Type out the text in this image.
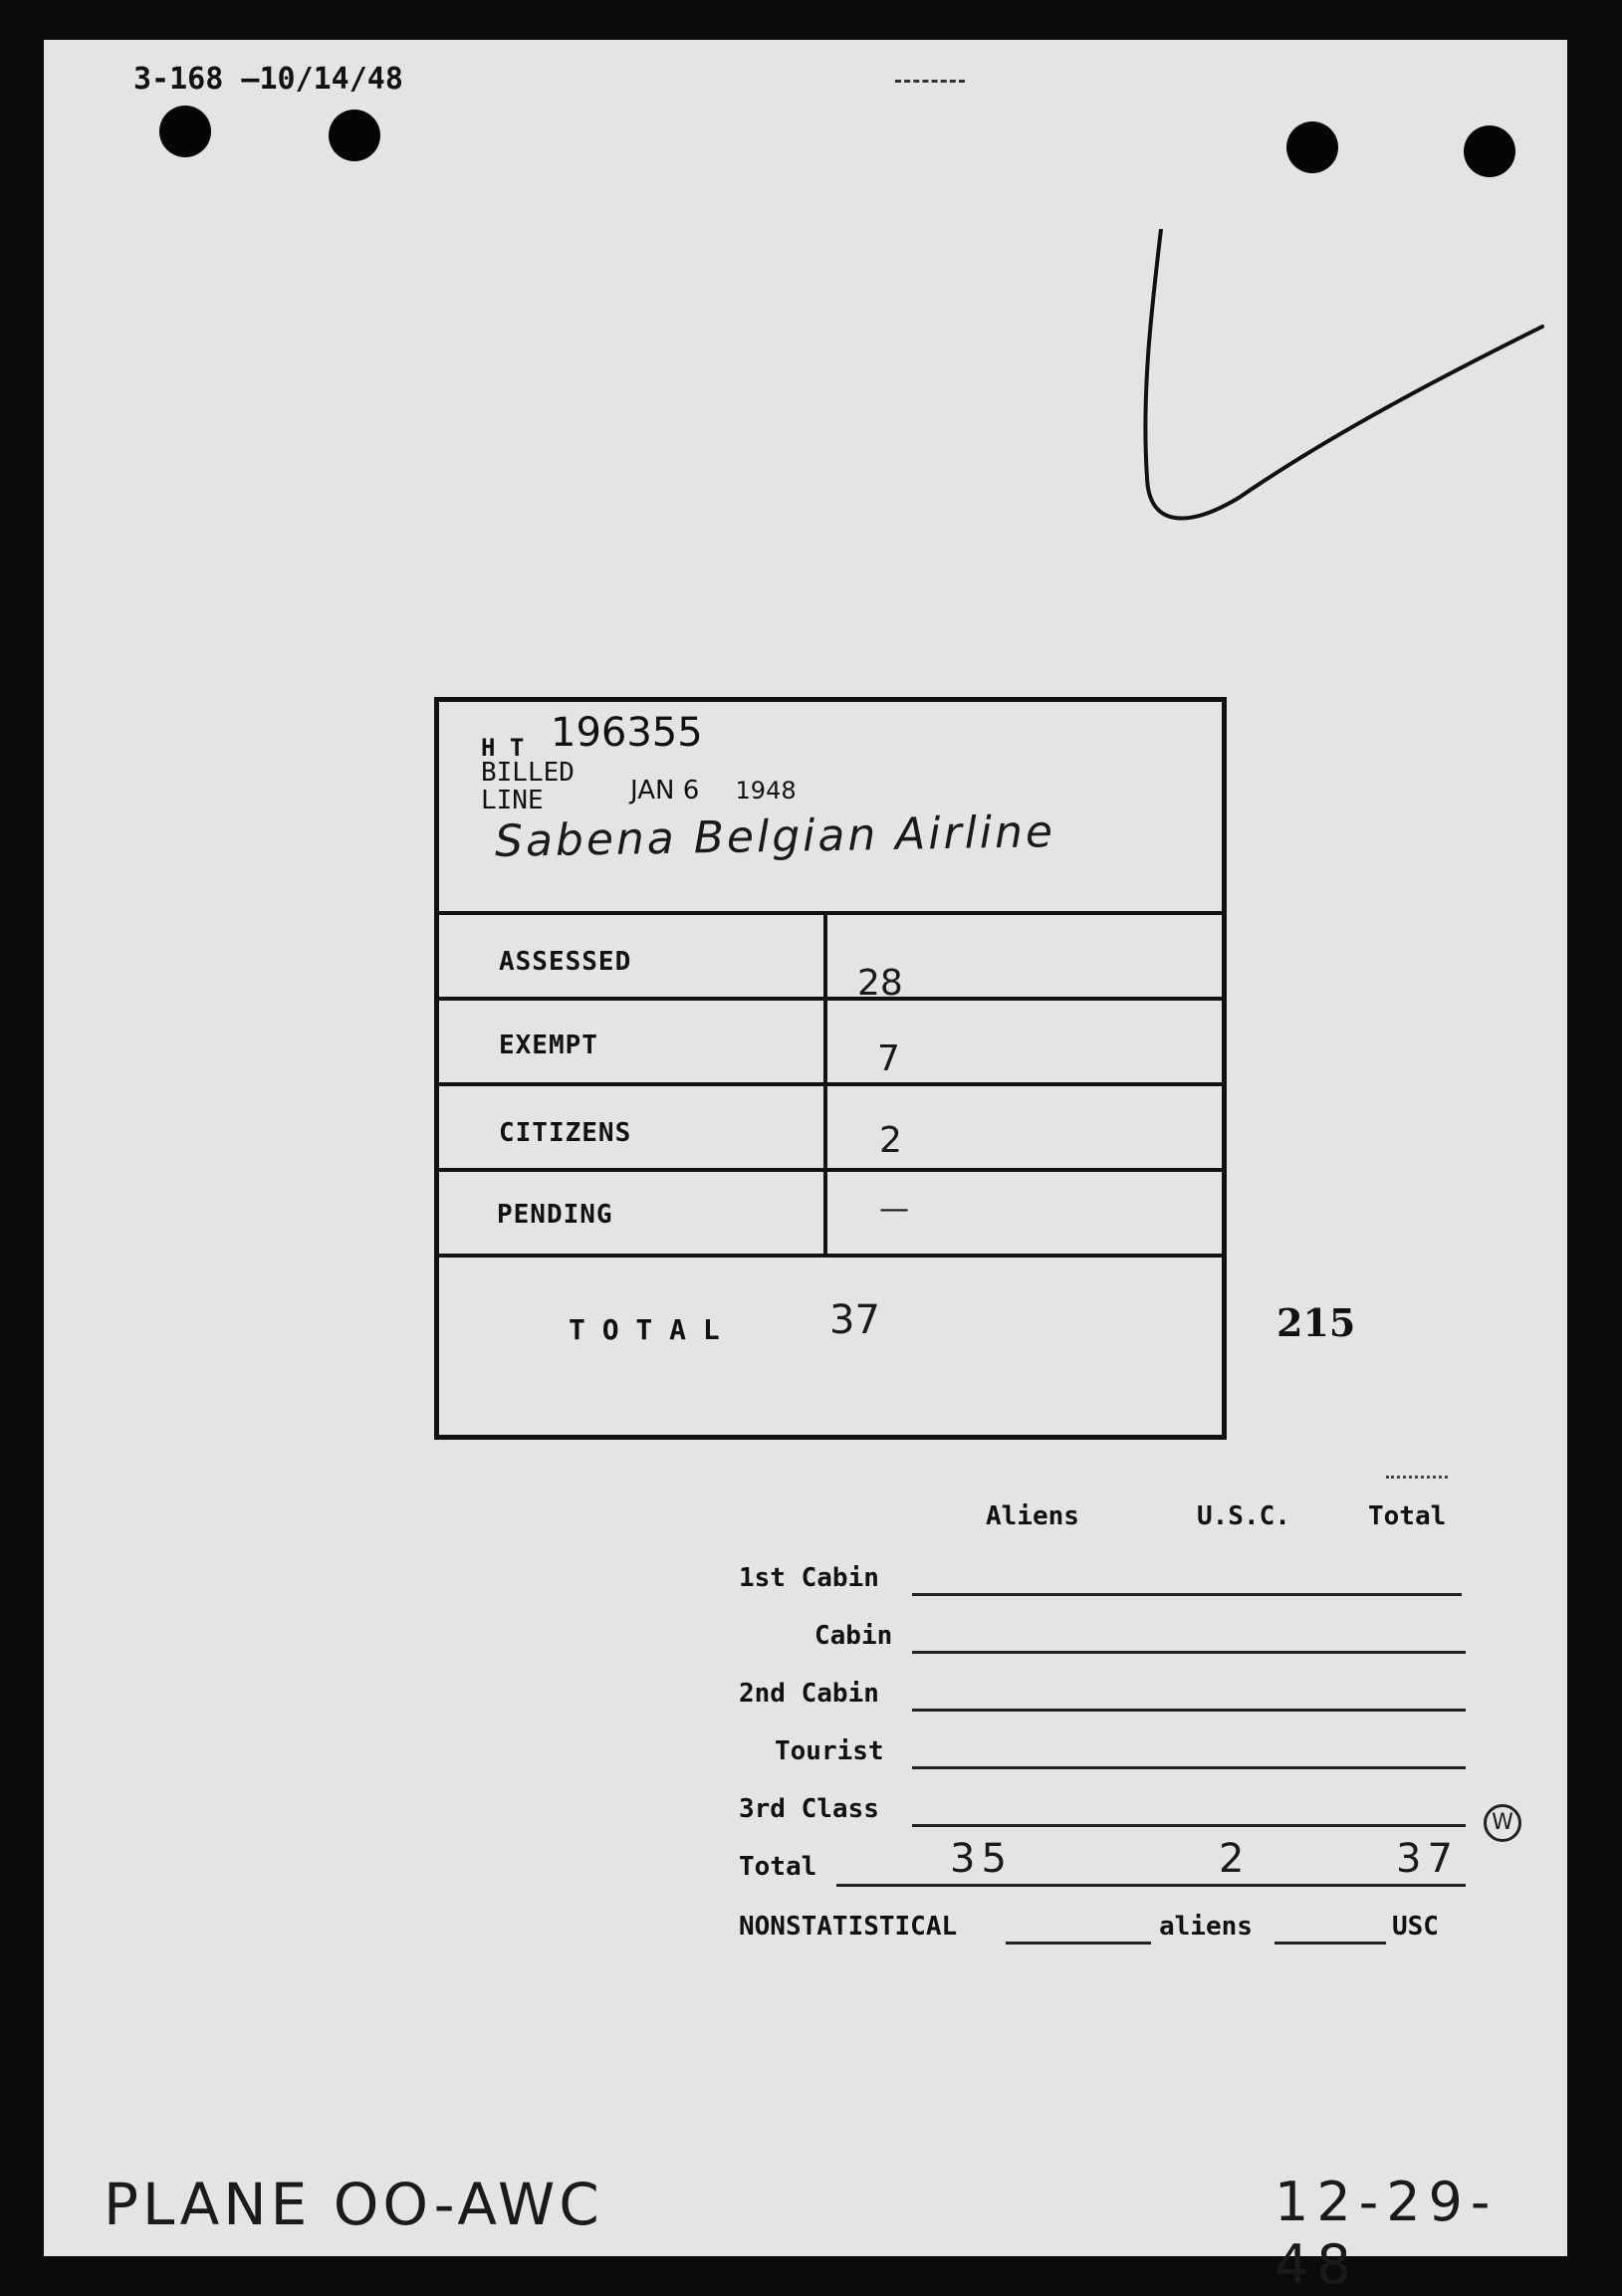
3-168 —10/14/48
H T 196355
BILLED
LINE	JAN 6 1948
Sabena Belgian Airline
ASSESSED
28
EXEMPT	7
CITIZENS	2
PENDING	—
T O T A L	37	215
Aliens	U.S.C.	Total
1st Cabin
Cabin
2nd Cabin
Tourist
3rd Class	W
Total	35	2	37
NONSTATISTICAL	aliens	USC
PLANE OO-AWC	12-29-48
